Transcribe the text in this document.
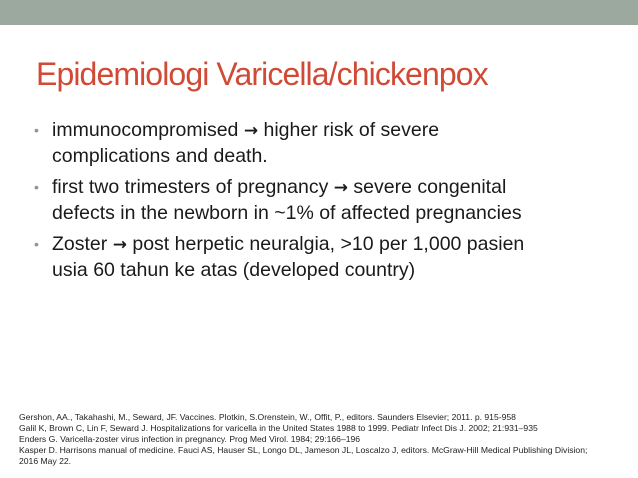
Epidemiologi Varicella/chickenpox
• immunocompromised → higher risk of severe
complications and death.
• first two trimesters of pregnancy → severe congenital
defects in the newborn in ~1% of affected pregnancies
• Zoster → post herpetic neuralgia, >10 per 1,000 pasien
usia 60 tahun ke atas (developed country)
Gershon, AA., Takahashi, M., Seward, JF. Vaccines. Plotkin, S.Orenstein, W., Offit, P., editors. Saunders Elsevier; 2011. p. 915-958
Galil K, Brown C, Lin F, Seward J. Hospitalizations for varicella in the United States 1988 to 1999. Pediatr Infect Dis J. 2002; 21:931–935
Enders G. Varicella-zoster virus infection in pregnancy. Prog Med Virol. 1984; 29:166–196
Kasper D. Harrisons manual of medicine. Fauci AS, Hauser SL, Longo DL, Jameson JL, Loscalzo J, editors. McGraw-Hill Medical Publishing Division;
2016 May 22.
